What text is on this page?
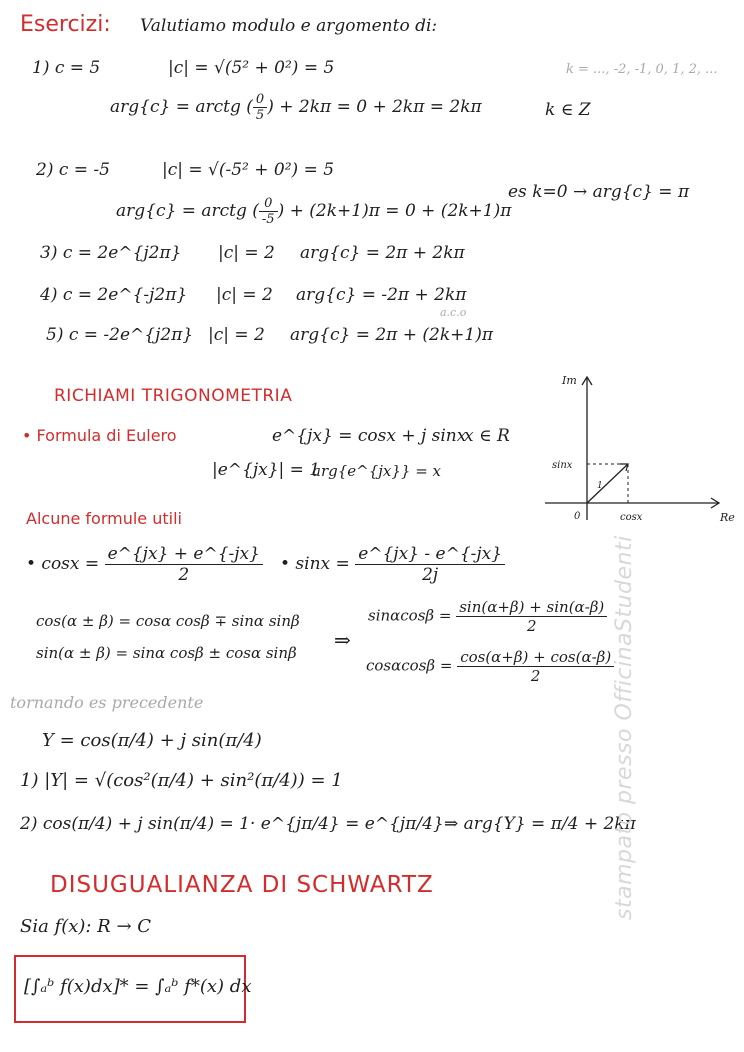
Esercizi: Valutiamo modulo e argomento di:
k = ..., -2, -1, 0, 1, 2, ...
1) c = 5	|c| = √(5² + 0²) = 5
arg{c} = arctg ( $\frac{0}{5}$ ) + 2kπ = 0 + 2kπ = 2kπ	k ∈ Z
2) c = -5	|c| = √(-5² + 0²) = 5
es k=0 → arg{c} = π
arg{c} = arctg ( $\frac{0}{-5}$ ) + (2k+1)π = 0 + (2k+1)π
3) c = 2e^{j2π} |c| = 2 arg{c} = 2π + 2kπ
4) c = 2e^{-j2π} |c| = 2 arg{c} = -2π + 2kπ
a.c.o
5) c = -2e^{j2π} |c| = 2 arg{c} = 2π + (2k+1)π
RICHIAMI TRIGONOMETRIA
Im
Re
sinx
cosx
1
0
• Formula di Eulero	e^{jx} = cosx + j sinx
x ∈ R
|e^{jx}| = 1
arg{e^{jx}} = x
Alcune formule utili
• $\cos x = \frac{e\^{}\{jx\} + e\^{}\{-jx\}}{2}$ • $\sin x = \frac{e\^{}\{jx\} - e\^{}\{-jx\}}{2j}$
cos(α ± β) = cosα cosβ ∓ sinα sinβ
sin(α ± β) = sinα cosβ ± cosα sinβ
⇒
$\sin\alpha\cos\beta = \frac{\sin(\alpha+\beta) + \sin(\alpha-\beta)}{2}$
$\cos\alpha\cos\beta = \frac{\cos(\alpha+\beta) + \cos(\alpha-\beta)}{2}$
tornando es precedente
Y = cos(π/4) + j sin(π/4)
1) |Y| = √(cos²(π/4) + sin²(π/4)) = 1
2) cos(π/4) + j sin(π/4) = 1· e^{jπ/4} = e^{jπ/4} ⇒ arg{Y} = π/4 + 2kπ
DISUGUALIANZA DI SCHWARTZ
Sia f(x): R → C
[∫ₐᵇ f(x)dx]* = ∫ₐᵇ f*(x) dx
stampato presso OfficinaStudenti
